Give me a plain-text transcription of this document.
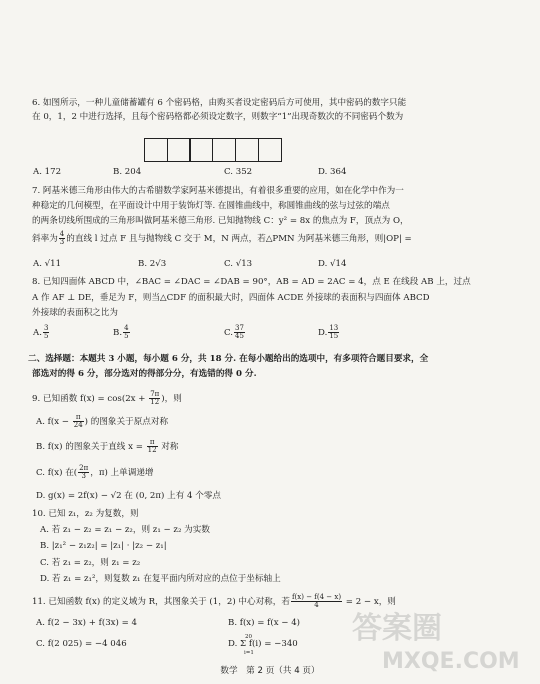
6. 如图所示，一种儿童储蓄罐有 6 个密码格，由购买者设定密码后方可使用，其中密码的数字只能
在 0，1，2 中进行选择，且每个密码格都必须设定数字，则数字“1”出现奇数次的不同密码个数为
A. 172	B. 204	C. 352	D. 364
7. 阿基米德三角形由伟大的古希腊数学家阿基米德提出，有着很多重要的应用，如在化学中作为一
种稳定的几何模型，在平面设计中用于装饰灯等. 在圆锥曲线中，称圆锥曲线的弦与过弦的端点
的两条切线所围成的三角形叫做阿基米德三角形. 已知抛物线 C：y² = 8x 的焦点为 F，顶点为 O，
斜率为 $\frac{4}{3}$ 的直线 l 过点 F 且与抛物线 C 交于 M，N 两点，若△PMN 为阿基米德三角形，则|OP| =
A. √11	B. 2√3	C. √13	D. √14
8. 已知四面体 ABCD 中，∠BAC = ∠DAC = ∠DAB = 90°，AB = AD = 2AC = 4，点 E 在线段 AB 上，过点
A 作 AF ⊥ DE，垂足为 F，则当△CDF 的面积最大时，四面体 ACDE 外接球的表面积与四面体 ABCD
外接球的表面积之比为
A. $\frac{3}{5}$	B. $\frac{4}{5}$	C. $\frac{37}{45}$	D. $\frac{13}{15}$
二、选择题：本题共 3 小题，每小题 6 分，共 18 分. 在每小题给出的选项中，有多项符合题目要求，全
部选对的得 6 分，部分选对的得部分分，有选错的得 0 分.
9. 已知函数 $f(x) = \cos(2x + \frac{7\pi}{12}$ )，则
A. $f(x - \frac{\pi}{24}$ ) 的图象关于原点对称
B. f(x) 的图象关于直线 $x = \frac{\pi}{12}$ 对称
C. f(x) 在( $\frac{2\pi}{3}$ ，π) 上单调递增
D. g(x) = 2f(x) − √2 在 (0, 2π) 上有 4 个零点
10. 已知 z₁，z₂ 为复数，则
A. 若 z₁ − z₂ = z₁ − z₂，则 z₁ − z₂ 为实数
B. |z₁² − z₁z₂| = |z₁| · |z₂ − z₁|
C. 若 z₁ = z₂，则 z₁ = z₂
D. 若 z₁ = z₁²，则复数 z₁ 在复平面内所对应的点位于坐标轴上
11. 已知函数 f(x) 的定义域为 R，其图象关于 (1，2) 中心对称，若 $\frac{f(x) - f(4 - x)}{4} = 2 - x$，则
A. f(2 − 3x) + f(3x) = 4	B. f(x) = f(x − 4)
C. f(2 025) = −4 046	D. Σ f(i) = −340
20
i=1
数学　第 2 页（共 4 页）
答案圈
MXQE.COM
